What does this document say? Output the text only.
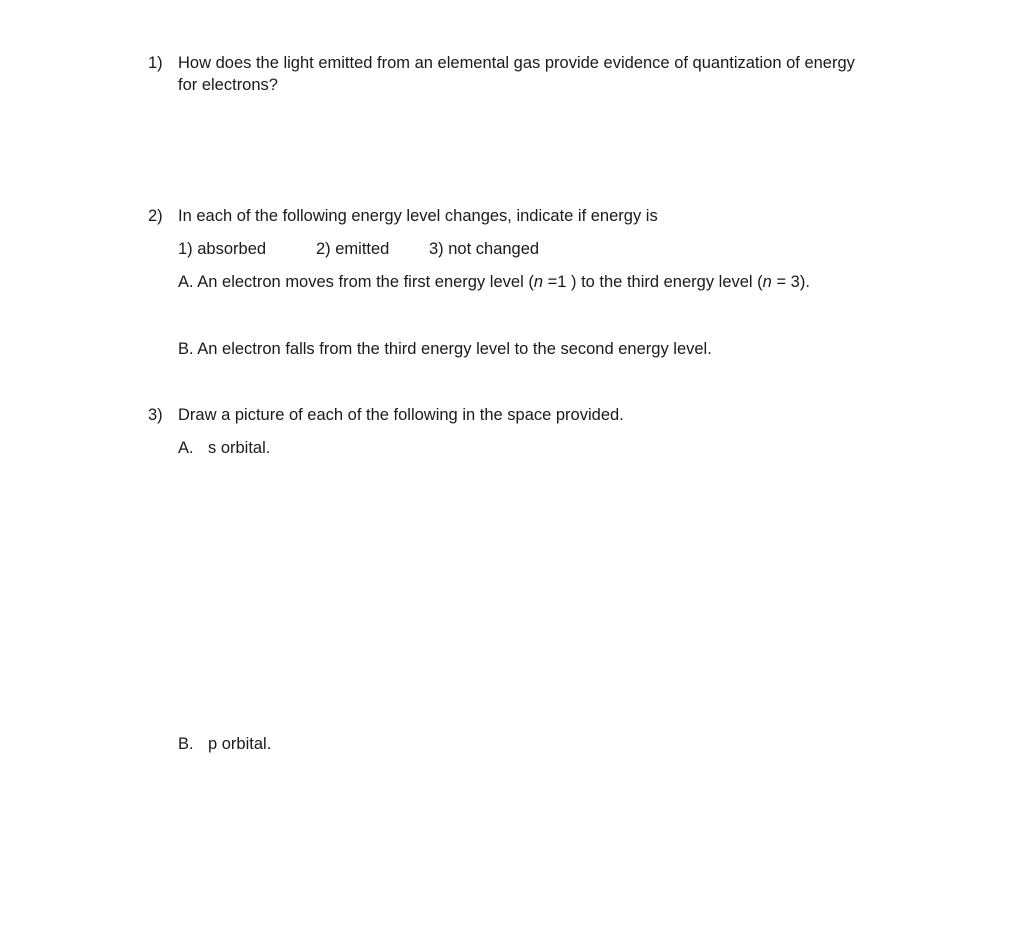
1) How does the light emitted from an elemental gas provide evidence of quantization of energy
for electrons?
2) In each of the following energy level changes, indicate if energy is
1) absorbed	2) emitted 3) not changed
A. An electron moves from the first energy level (n =1 ) to the third energy level (n = 3).
B. An electron falls from the third energy level to the second energy level.
3) Draw a picture of each of the following in the space provided.
A. s orbital.
B. p orbital.
